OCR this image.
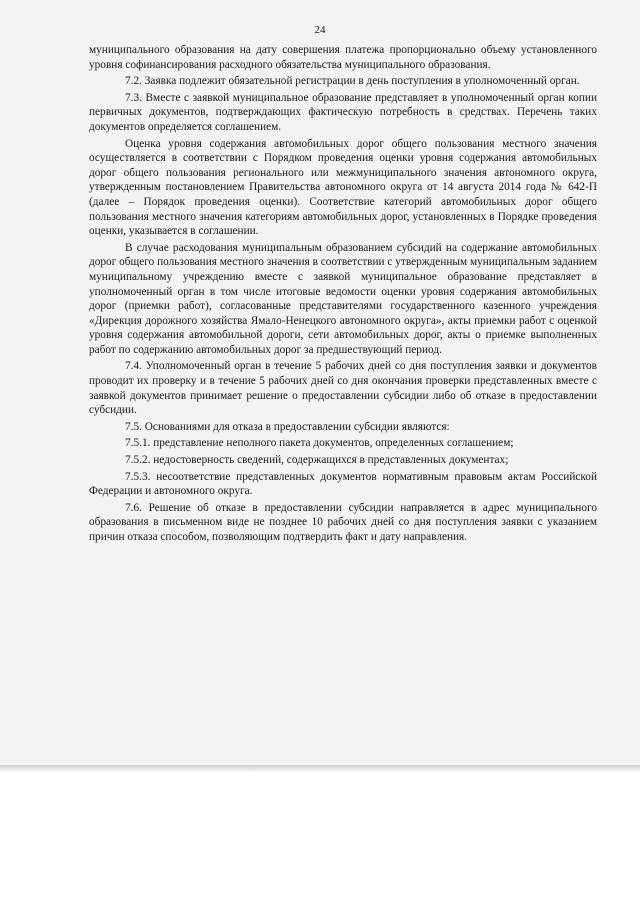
24

муниципального образования на дату совершения платежа пропорционально объему установленного уровня софинансирования расходного обязательства муниципального образования.

7.2. Заявка подлежит обязательной регистрации в день поступления в уполномоченный орган.

7.3. Вместе с заявкой муниципальное образование представляет в уполномоченный орган копии первичных документов, подтверждающих фактическую потребность в средствах. Перечень таких документов определяется соглашением.

Оценка уровня содержания автомобильных дорог общего пользования местного значения осуществляется в соответствии с Порядком проведения оценки уровня содержания автомобильных дорог общего пользования регионального или межмуниципального значения автономного округа, утвержденным постановлением Правительства автономного округа от 14 августа 2014 года № 642-П (далее – Порядок проведения оценки). Соответствие категорий автомобильных дорог общего пользования местного значения категориям автомобильных дорог, установленных в Порядке проведения оценки, указывается в соглашении.

В случае расходования муниципальным образованием субсидий на содержание автомобильных дорог общего пользования местного значения в соответствии с утвержденным муниципальным заданием муниципальному учреждению вместе с заявкой муниципальное образование представляет в уполномоченный орган в том числе итоговые ведомости оценки уровня содержания автомобильных дорог (приемки работ), согласованные представителями государственного казенного учреждения «Дирекция дорожного хозяйства Ямало-Ненецкого автономного округа», акты приемки работ с оценкой уровня содержания автомобильной дороги, сети автомобильных дорог, акты о приемке выполненных работ по содержанию автомобильных дорог за предшествующий период.

7.4. Уполномоченный орган в течение 5 рабочих дней со дня поступления заявки и документов проводит их проверку и в течение 5 рабочих дней со дня окончания проверки представленных вместе с заявкой документов принимает решение о предоставлении субсидии либо об отказе в предоставлении субсидии.

7.5. Основаниями для отказа в предоставлении субсидии являются:

7.5.1. представление неполного пакета документов, определенных соглашением;

7.5.2. недостоверность сведений, содержащихся в представленных документах;

7.5.3. несоответствие представленных документов нормативным правовым актам Российской Федерации и автономного округа.

7.6. Решение об отказе в предоставлении субсидии направляется в адрес муниципального образования в письменном виде не позднее 10 рабочих дней со дня поступления заявки с указанием причин отказа способом, позволяющим подтвердить факт и дату направления.
